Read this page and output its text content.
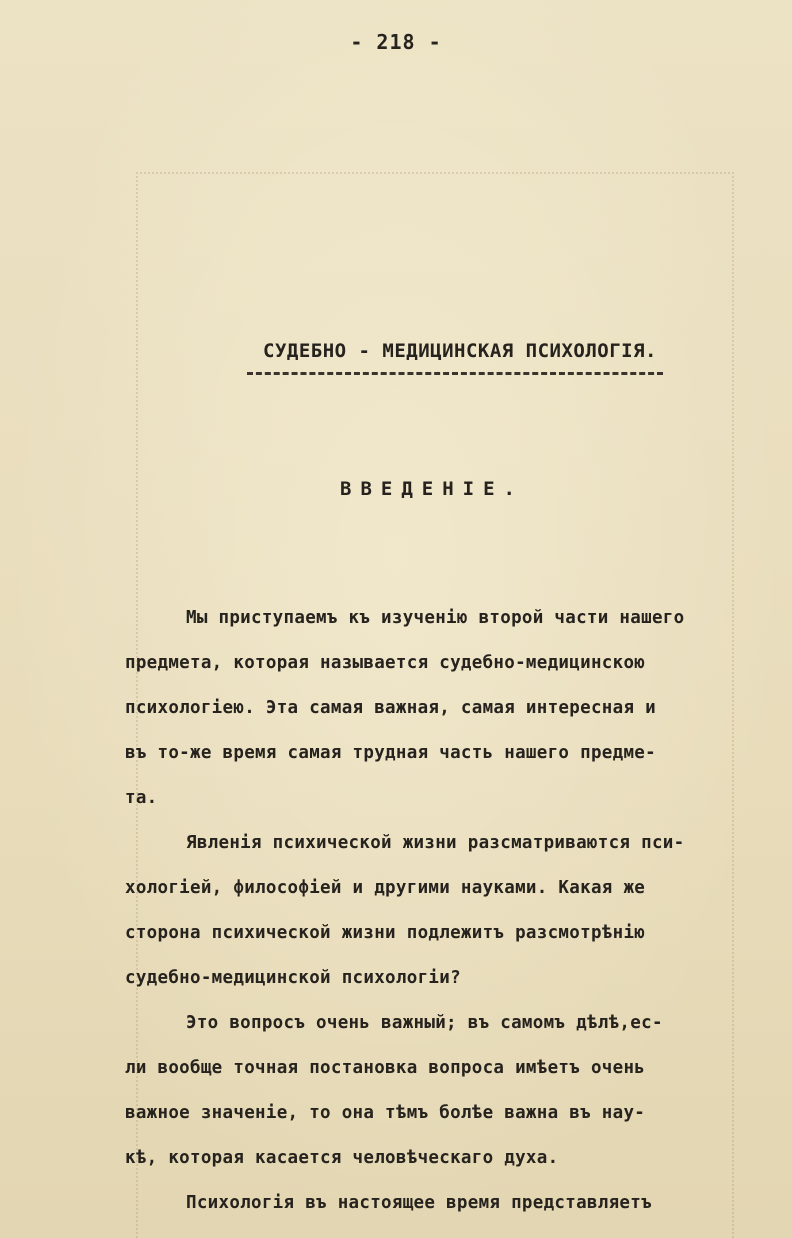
- 218 -
СУДЕБНО - МЕДИЦИНСКАЯ ПСИХОЛОГIЯ.
ВВЕДЕНIЕ.
Мы приступаемъ къ изученiю второй части нашего
предмета, которая называется судебно-медицинскою
психологiею. Эта самая важная, самая интересная и
въ то-же время самая трудная часть нашего предме-
та.
Явленiя психической жизни разсматриваются пси-
хологiей, философiей и другими науками. Какая же
сторона психической жизни подлежитъ разсмотрѣнiю
судебно-медицинской психологiи?
Это вопросъ очень важный; въ самомъ дѣлѣ,ес-
ли вообще точная постановка вопроса имѣетъ очень
важное значенiе, то она тѣмъ болѣе важна въ нау-
кѣ, которая касается человѣческаго духа.
Психологiя въ настоящее время представляетъ
